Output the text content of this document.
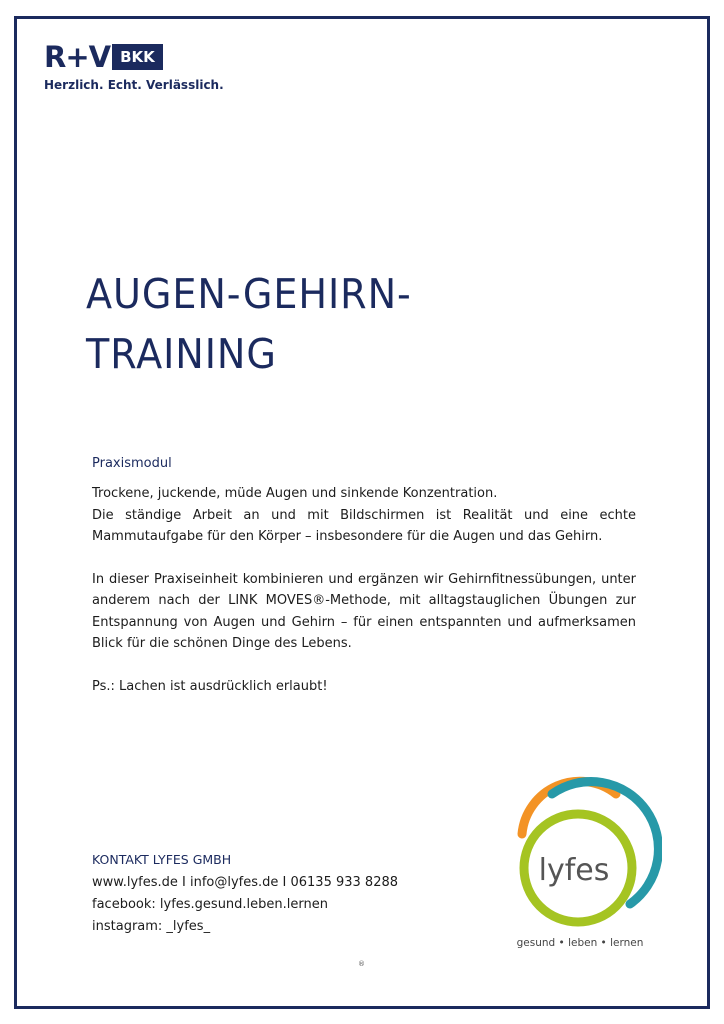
R+V BKK
Herzlich. Echt. Verlässlich.
AUGEN-GEHIRN-
TRAINING
Praxismodul
Trockene, juckende, müde Augen und sinkende Konzentration.
Die ständige Arbeit an und mit Bildschirmen ist Realität und eine echte Mammutaufgabe für den Körper – insbesondere für die Augen und das Gehirn.
In dieser Praxiseinheit kombinieren und ergänzen wir Gehirnfitnessübungen, unter anderem nach der LINK MOVES®-Methode, mit alltagstauglichen Übungen zur Entspannung von Augen und Gehirn – für einen entspannten und aufmerksamen Blick für die schönen Dinge des Lebens.
Ps.: Lachen ist ausdrücklich erlaubt!
KONTAKT LYFES GMBH
www.lyfes.de I info@lyfes.de I 06135 933 8288
facebook: lyfes.gesund.leben.lernen
instagram: _lyfes_
lyfes
gesund • leben • lernen
®
